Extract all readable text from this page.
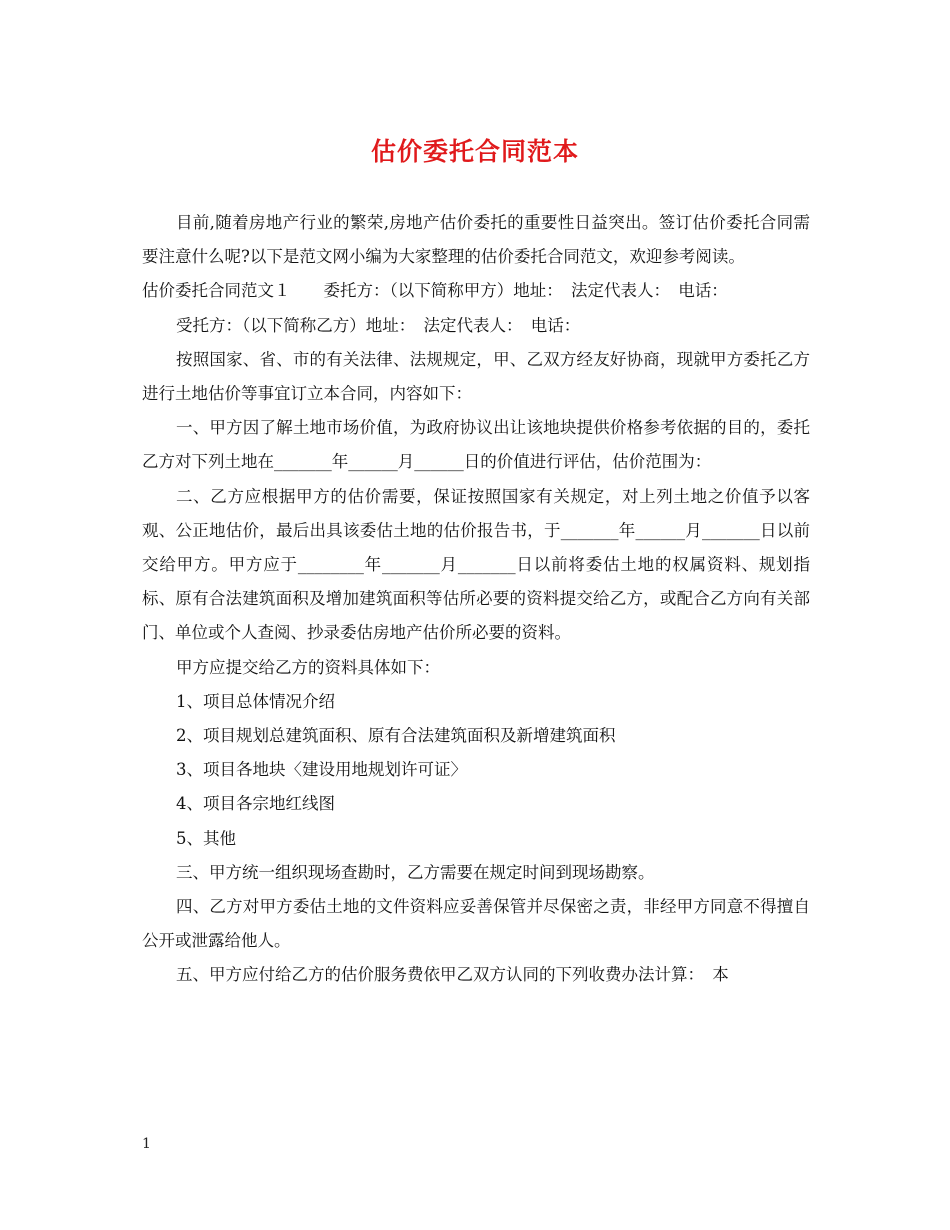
估价委托合同范本

目前,随着房地产行业的繁荣,房地产估价委托的重要性日益突出。签订估价委托合同需要注意什么呢?以下是范文网小编为大家整理的估价委托合同范文，欢迎参考阅读。

估价委托合同范文１　　委托方：（以下简称甲方）地址：　法定代表人：　电话：

受托方：（以下简称乙方）地址：　法定代表人：　电话：

按照国家、省、市的有关法律、法规规定，甲、乙双方经友好协商，现就甲方委托乙方进行土地估价等事宜订立本合同，内容如下：

一、甲方因了解土地市场价值，为政府协议出让该地块提供价格参考依据的目的，委托乙方对下列土地在_______年______月______日的价值进行评估，估价范围为：

二、乙方应根据甲方的估价需要，保证按照国家有关规定，对上列土地之价值予以客观、公正地估价，最后出具该委估土地的估价报告书，于_______年______月_______日以前交给甲方。甲方应于________年_______月_______日以前将委估土地的权属资料、规划指标、原有合法建筑面积及增加建筑面积等估所必要的资料提交给乙方，或配合乙方向有关部门、单位或个人查阅、抄录委估房地产估价所必要的资料。

甲方应提交给乙方的资料具体如下：

1、项目总体情况介绍

2、项目规划总建筑面积、原有合法建筑面积及新增建筑面积

3、项目各地块〈建设用地规划许可证〉

4、项目各宗地红线图

5、其他

三、甲方统一组织现场查勘时，乙方需要在规定时间到现场勘察。

四、乙方对甲方委估土地的文件资料应妥善保管并尽保密之责，非经甲方同意不得擅自公开或泄露给他人。

五、甲方应付给乙方的估价服务费依甲乙双方认同的下列收费办法计算：　本

1
